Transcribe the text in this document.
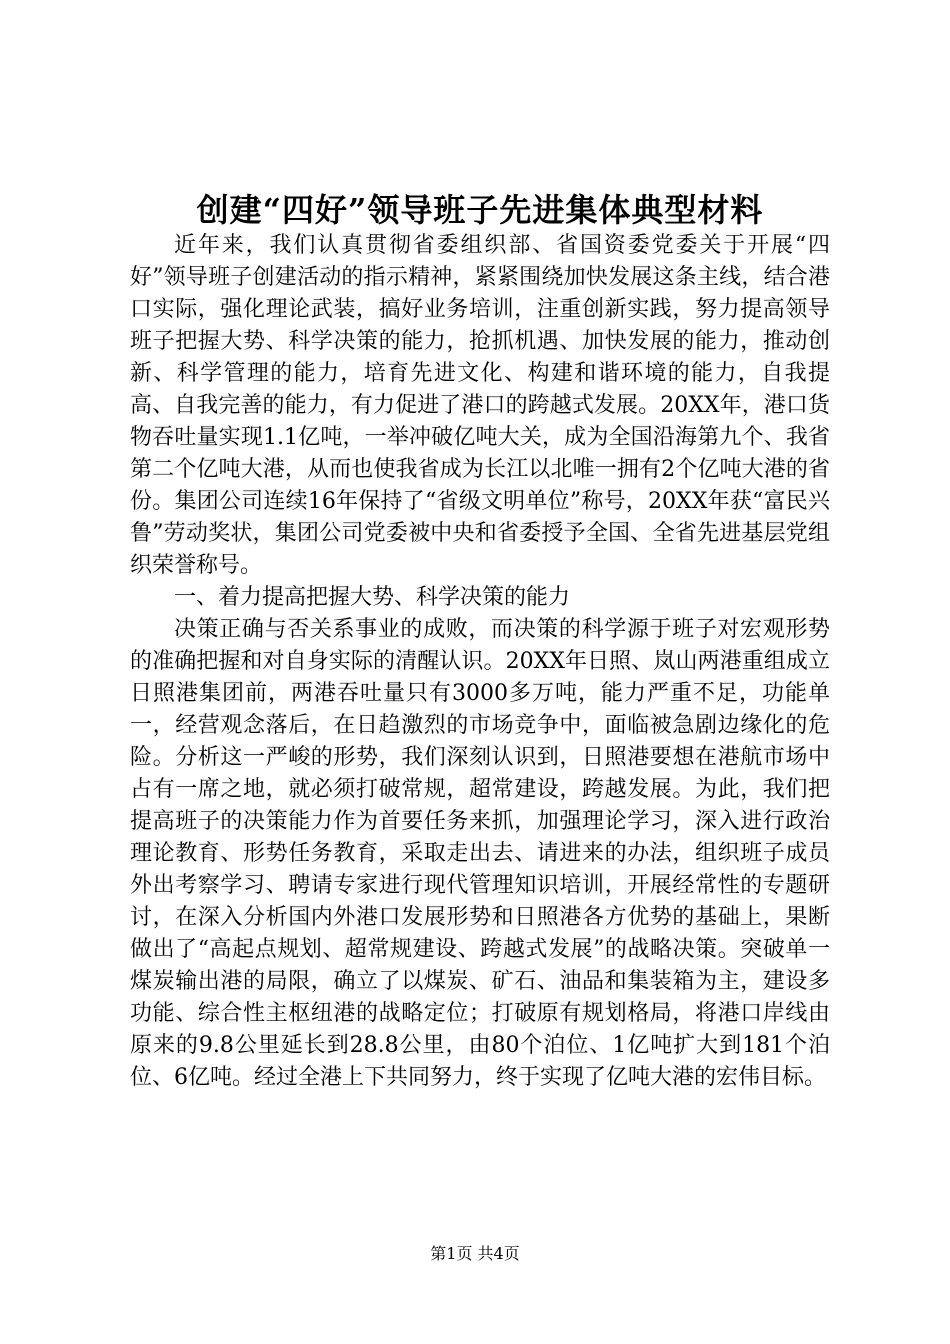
创建“四好”领导班子先进集体典型材料

近年来，我们认真贯彻省委组织部、省国资委党委关于开展“四好”领导班子创建活动的指示精神，紧紧围绕加快发展这条主线，结合港口实际，强化理论武装，搞好业务培训，注重创新实践，努力提高领导班子把握大势、科学决策的能力，抢抓机遇、加快发展的能力，推动创新、科学管理的能力，培育先进文化、构建和谐环境的能力，自我提高、自我完善的能力，有力促进了港口的跨越式发展。20XX年，港口货物吞吐量实现1.1亿吨，一举冲破亿吨大关，成为全国沿海第九个、我省第二个亿吨大港，从而也使我省成为长江以北唯一拥有2个亿吨大港的省份。集团公司连续16年保持了“省级文明单位”称号，20XX年获“富民兴鲁”劳动奖状，集团公司党委被中央和省委授予全国、全省先进基层党组织荣誉称号。

一、着力提高把握大势、科学决策的能力

决策正确与否关系事业的成败，而决策的科学源于班子对宏观形势的准确把握和对自身实际的清醒认识。20XX年日照、岚山两港重组成立日照港集团前，两港吞吐量只有3000多万吨，能力严重不足，功能单一，经营观念落后，在日趋激烈的市场竞争中，面临被急剧边缘化的危险。分析这一严峻的形势，我们深刻认识到，日照港要想在港航市场中占有一席之地，就必须打破常规，超常建设，跨越发展。为此，我们把提高班子的决策能力作为首要任务来抓，加强理论学习，深入进行政治理论教育、形势任务教育，采取走出去、请进来的办法，组织班子成员外出考察学习、聘请专家进行现代管理知识培训，开展经常性的专题研讨，在深入分析国内外港口发展形势和日照港各方优势的基础上，果断做出了“高起点规划、超常规建设、跨越式发展”的战略决策。突破单一煤炭输出港的局限，确立了以煤炭、矿石、油品和集装箱为主，建设多功能、综合性主枢纽港的战略定位；打破原有规划格局，将港口岸线由原来的9.8公里延长到28.8公里，由80个泊位、1亿吨扩大到181个泊位、6亿吨。经过全港上下共同努力，终于实现了亿吨大港的宏伟目标。

第1页 共4页
